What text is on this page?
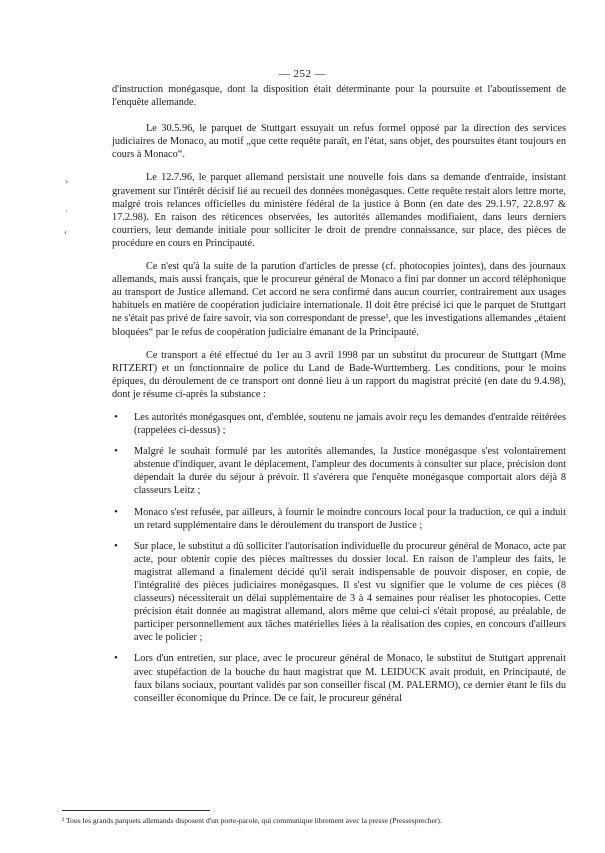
— 252 —

d'instruction monégasque, dont la disposition était déterminante pour la poursuite et l'aboutissement de l'enquête allemande.

Le 30.5.96, le parquet de Stuttgart essuyait un refus formel opposé par la direction des services judiciaires de Monaco, au motif „que cette requête paraît, en l'état, sans objet, des poursuites étant toujours en cours à Monaco“.

Le 12.7.96, le parquet allemand persistait une nouvelle fois dans sa demande d'entraide, insistant gravement sur l'intérêt décisif lié au recueil des données monégasques. Cette requête restait alors lettre morte, malgré trois relances officielles du ministère fédéral de la justice à Bonn (en date des 29.1.97, 22.8.97 & 17.2.98). En raison des réticences observées, les autorités allemandes modifiaient, dans leurs derniers courriers, leur demande initiale pour solliciter le droit de prendre connaissance, sur place, des pièces de procédure en cours en Principauté.

Ce n'est qu'à la suite de la parution d'articles de presse (cf. photocopies jointes), dans des journaux allemands, mais aussi français, que le procureur général de Monaco a fini par donner un accord téléphonique au transport de Justice allemand. Cet accord ne sera confirmé dans aucun courrier, contrairement aux usages habituels en matière de coopération judiciaire internationale. Il doit être précisé ici que le parquet de Stuttgart ne s'était pas privé de faire savoir, via son correspondant de presse¹, que les investigations allemandes „étaient bloquées“ par le refus de coopération judiciaire émanant de la Principauté.

Ce transport a été effectué du 1er au 3 avril 1998 par un substitut du procureur de Stuttgart (Mme RITZERT) et un fonctionnaire de police du Land de Bade-Wurttemberg. Les conditions, pour le moins épiques, du déroulement de ce transport ont donné lieu à un rapport du magistrat précité (en date du 9.4.98), dont je résume ci-après la substance :

• Les autorités monégasques ont, d'emblée, soutenu ne jamais avoir reçu les demandes d'entraide réitérées (rappelées ci-dessus) ;
• Malgré le souhait formulé par les autorités allemandes, la Justice monégasque s'est volontairement abstenue d'indiquer, avant le déplacement, l'ampleur des documents à consulter sur place, précision dont dépendait la durée du séjour à prévoir. Il s'avérera que l'enquête monégasque comportait alors déjà 8 classeurs Leitz ;
• Monaco s'est refusée, par ailleurs, à fournir le moindre concours local pour la traduction, ce qui a induit un retard supplémentaire dans le déroulement du transport de Justice ;
• Sur place, le substitut a dû solliciter l'autorisation individuelle du procureur général de Monaco, acte par acte, pour obtenir copie des pièces maîtresses du dossier local. En raison de l'ampleur des faits, le magistrat allemand a finalement décidé qu'il serait indispensable de pouvoir disposer, en copie, de l'intégralité des pièces judiciaires monégasques. Il s'est vu signifier que le volume de ces pièces (8 classeurs) nécessiterait un délai supplémentaire de 3 à 4 semaines pour réaliser les photocopies. Cette précision était donnée au magistrat allemand, alors même que celui-ci s'était proposé, au préalable, de participer personnellement aux tâches matérielles liées à la réalisation des copies, en concours d'ailleurs avec le policier ;
• Lors d'un entretien, sur place, avec le procureur général de Monaco, le substitut de Stuttgart apprenait avec stupéfaction de la bouche du haut magistrat que M. LEIDUCK avait produit, en Principauté, de faux bilans sociaux, pourtant validés par son conseiller fiscal (M. PALERMO), ce dernier étant le fils du conseiller économique du Prince. De ce fait, le procureur général
›
·
‹
¹ Tous les grands parquets allemands disposent d'un porte-parole, qui communique librement avec la presse (Pressesprecher).
